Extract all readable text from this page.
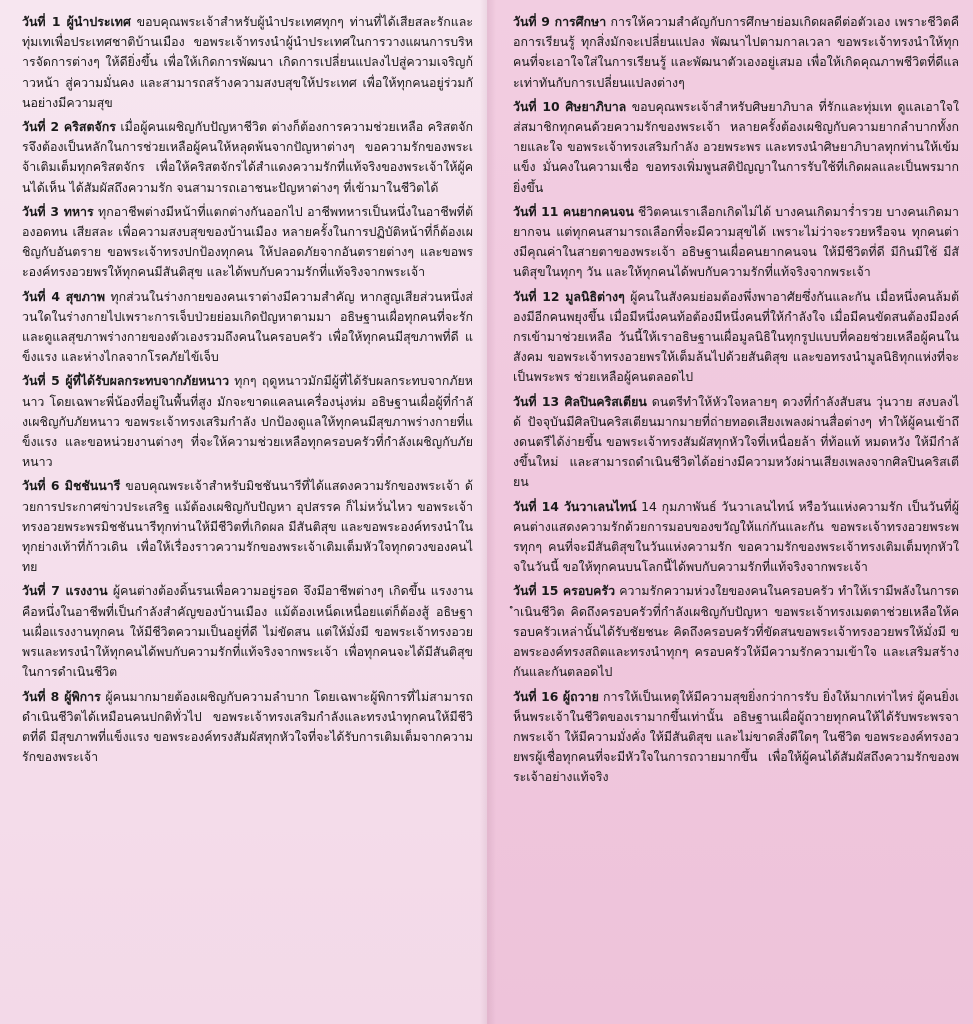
วันที่ 1 ผู้นำประเทศ ขอบคุณพระเจ้าสำหรับผู้นำประเทศทุกๆ ท่านที่ได้เสียสละรักและทุ่มเทเพื่อประเทศชาติบ้านเมือง ขอพระเจ้าทรงนำผู้นำประเทศในการวางแผนการบริหารจัดการต่างๆ ให้ดียิ่งขึ้น เพื่อให้เกิดการพัฒนา เกิดการเปลี่ยนแปลงไปสู่ความเจริญก้าวหน้า สู่ความมั่นคง และสามารถสร้างความสงบสุขให้ประเทศ เพื่อให้ทุกคนอยู่ร่วมกันอย่างมีความสุข

วันที่ 2 คริสตจักร เมื่อผู้คนเผชิญกับปัญหาชีวิต ต่างก็ต้องการความช่วยเหลือ คริสตจักรจึงต้องเป็นหลักในการช่วยเหลือผู้คนให้หลุดพ้นจากปัญหาต่างๆ ขอความรักของพระเจ้าเติมเต็มทุกคริสตจักร เพื่อให้คริสตจักรได้สำแดงความรักที่แท้จริงของพระเจ้าให้ผู้คนได้เห็น ได้สัมผัสถึงความรัก จนสามารถเอาชนะปัญหาต่างๆ ที่เข้ามาในชีวิตได้

วันที่ 3 ทหาร ทุกอาชีพต่างมีหน้าที่แตกต่างกันออกไป อาชีพทหารเป็นหนึ่งในอาชีพที่ต้องอดทน เสียสละ เพื่อความสงบสุขของบ้านเมือง หลายครั้งในการปฏิบัติหน้าที่ก็ต้องเผชิญกับอันตราย ขอพระเจ้าทรงปกป้องทุกคน ให้ปลอดภัยจากอันตรายต่างๆ และขอพระองค์ทรงอวยพรให้ทุกคนมีสันติสุข และได้พบกับความรักที่แท้จริงจากพระเจ้า

วันที่ 4 สุขภาพ ทุกส่วนในร่างกายของคนเราต่างมีความสำคัญ หากสูญเสียส่วนหนึ่งส่วนใดในร่างกายไปเพราะการเจ็บป่วยย่อมเกิดปัญหาตามมา อธิษฐานเผื่อทุกคนที่จะรักและดูแลสุขภาพร่างกายของตัวเองรวมถึงคนในครอบครัว เพื่อให้ทุกคนมีสุขภาพที่ดี แข็งแรง และห่างไกลจากโรคภัยไข้เจ็บ

วันที่ 5 ผู้ที่ได้รับผลกระทบจากภัยหนาว ทุกๆ ฤดูหนาวมักมีผู้ที่ได้รับผลกระทบจากภัยหนาว โดยเฉพาะพี่น้องที่อยู่ในพื้นที่สูง มักจะขาดแคลนเครื่องนุ่งห่ม อธิษฐานเผื่อผู้ที่กำลังเผชิญกับภัยหนาว ขอพระเจ้าทรงเสริมกำลัง ปกป้องดูแลให้ทุกคนมีสุขภาพร่างกายที่แข็งแรง และขอหน่วยงานต่างๆ ที่จะให้ความช่วยเหลือทุกครอบครัวที่กำลังเผชิญกับภัยหนาว

วันที่ 6 มิชชันนารี ขอบคุณพระเจ้าสำหรับมิชชันนารีที่ได้แสดงความรักของพระเจ้า ด้วยการประกาศข่าวประเสริฐ แม้ต้องเผชิญกับปัญหา อุปสรรค ก็ไม่หวั่นไหว ขอพระเจ้าทรงอวยพระพรมิชชันนารีทุกท่านให้มีชีวิตที่เกิดผล มีสันติสุข และขอพระองค์ทรงนำในทุกย่างเท้าที่ก้าวเดิน เพื่อให้เรื่องราวความรักของพระเจ้าเติมเต็มหัวใจทุกดวงของคนไทย

วันที่ 7 แรงงาน ผู้คนต่างต้องดิ้นรนเพื่อความอยู่รอด จึงมีอาชีพต่างๆ เกิดขึ้น แรงงานคือหนึ่งในอาชีพที่เป็นกำลังสำคัญของบ้านเมือง แม้ต้องเหน็ดเหนื่อยแต่ก็ต้องสู้ อธิษฐานเผื่อแรงงานทุกคน ให้มีชีวิตความเป็นอยู่ที่ดี ไม่ขัดสน แต่ให้มั่งมี ขอพระเจ้าทรงอวยพรและทรงนำให้ทุกคนได้พบกับความรักที่แท้จริงจากพระเจ้า เพื่อทุกคนจะได้มีสันติสุขในการดำเนินชีวิต

วันที่ 8 ผู้พิการ ผู้คนมากมายต้องเผชิญกับความลำบาก โดยเฉพาะผู้พิการที่ไม่สามารถดำเนินชีวิตได้เหมือนคนปกติทั่วไป ขอพระเจ้าทรงเสริมกำลังและทรงนำทุกคนให้มีชีวิตที่ดี มีสุขภาพที่แข็งแรง ขอพระองค์ทรงสัมผัสทุกหัวใจที่จะได้รับการเติมเต็มจากความรักของพระเจ้า

วันที่ 9 การศึกษา การให้ความสำคัญกับการศึกษาย่อมเกิดผลดีต่อตัวเอง เพราะชีวิตคือการเรียนรู้ ทุกสิ่งมักจะเปลี่ยนแปลง พัฒนาไปตามกาลเวลา ขอพระเจ้าทรงนำให้ทุกคนที่จะเอาใจใส่ในการเรียนรู้ และพัฒนาตัวเองอยู่เสมอ เพื่อให้เกิดคุณภาพชีวิตที่ดีและเท่าทันกับการเปลี่ยนแปลงต่างๆ

วันที่ 10 ศิษยาภิบาล ขอบคุณพระเจ้าสำหรับศิษยาภิบาล ที่รักและทุ่มเท ดูแลเอาใจใส่สมาชิกทุกคนด้วยความรักของพระเจ้า หลายครั้งต้องเผชิญกับความยากลำบากทั้งกายและใจ ขอพระเจ้าทรงเสริมกำลัง อวยพระพร และทรงนำศิษยาภิบาลทุกท่านให้เข้มแข็ง มั่นคงในความเชื่อ ขอทรงเพิ่มพูนสติปัญญาในการรับใช้ที่เกิดผลและเป็นพรมากยิ่งขึ้น

วันที่ 11 คนยากคนจน ชีวิตคนเราเลือกเกิดไม่ได้ บางคนเกิดมาร่ำรวย บางคนเกิดมายากจน แต่ทุกคนสามารถเลือกที่จะมีความสุขได้ เพราะไม่ว่าจะรวยหรือจน ทุกคนต่างมีคุณค่าในสายตาของพระเจ้า อธิษฐานเผื่อคนยากคนจน ให้มีชีวิตที่ดี มีกินมีใช้ มีสันติสุขในทุกๆ วัน และให้ทุกคนได้พบกับความรักที่แท้จริงจากพระเจ้า

วันที่ 12 มูลนิธิต่างๆ ผู้คนในสังคมย่อมต้องพึ่งพาอาศัยซึ่งกันและกัน เมื่อหนึ่งคนล้มต้องมีอีกคนพยุงขึ้น เมื่อมีหนึ่งคนท้อต้องมีหนึ่งคนที่ให้กำลังใจ เมื่อมีคนขัดสนต้องมีองค์กรเข้ามาช่วยเหลือ วันนี้ให้เราอธิษฐานเผื่อมูลนิธิในทุกรูปแบบที่คอยช่วยเหลือผู้คนในสังคม ขอพระเจ้าทรงอวยพรให้เต็มล้นไปด้วยสันติสุข และขอทรงนำมูลนิธิทุกแห่งที่จะเป็นพระพร ช่วยเหลือผู้คนตลอดไป

วันที่ 13 ศิลปินคริสเตียน ดนตรีทำให้หัวใจหลายๆ ดวงที่กำลังสับสน วุ่นวาย สงบลงได้ ปัจจุบันมีศิลปินคริสเตียนมากมายที่ถ่ายทอดเสียงเพลงผ่านสื่อต่างๆ ทำให้ผู้คนเข้าถึงดนตรีได้ง่ายขึ้น ขอพระเจ้าทรงสัมผัสทุกหัวใจที่เหนื่อยล้า ที่ท้อแท้ หมดหวัง ให้มีกำลังขึ้นใหม่ และสามารถดำเนินชีวิตได้อย่างมีความหวังผ่านเสียงเพลงจากศิลปินคริสเตียน

วันที่ 14 วันวาเลนไทน์ 14 กุมภาพันธ์ วันวาเลนไทน์ หรือวันแห่งความรัก เป็นวันที่ผู้คนต่างแสดงความรักด้วยการมอบของขวัญให้แก่กันและกัน ขอพระเจ้าทรงอวยพระพรทุกๆ คนที่จะมีสันติสุขในวันแห่งความรัก ขอความรักของพระเจ้าทรงเติมเต็มทุกหัวใจในวันนี้ ขอให้ทุกคนบนโลกนี้ได้พบกับความรักที่แท้จริงจากพระเจ้า

วันที่ 15 ครอบครัว ความรักความห่วงใยของคนในครอบครัว ทำให้เรามีพลังในการดำเนินชีวิต คิดถึงครอบครัวที่กำลังเผชิญกับปัญหา ขอพระเจ้าทรงเมตตาช่วยเหลือให้ครอบครัวเหล่านั้นได้รับชัยชนะ คิดถึงครอบครัวที่ขัดสนขอพระเจ้าทรงอวยพรให้มั่งมี ขอพระองค์ทรงสถิตและทรงนำทุกๆ ครอบครัวให้มีความรักความเข้าใจ และเสริมสร้างกันและกันตลอดไป

วันที่ 16 ผู้ถวาย การให้เป็นเหตุให้มีความสุขยิ่งกว่าการรับ ยิ่งให้มากเท่าไหร่ ผู้คนยิ่งเห็นพระเจ้าในชีวิตของเรามากขึ้นเท่านั้น อธิษฐานเผื่อผู้ถวายทุกคนให้ได้รับพระพรจากพระเจ้า ให้มีความมั่งคั่ง ให้มีสันติสุข และไม่ขาดสิ่งดีใดๆ ในชีวิต ขอพระองค์ทรงอวยพรผู้เชื่อทุกคนที่จะมีหัวใจในการถวายมากขึ้น เพื่อให้ผู้คนได้สัมผัสถึงความรักของพระเจ้าอย่างแท้จริง
